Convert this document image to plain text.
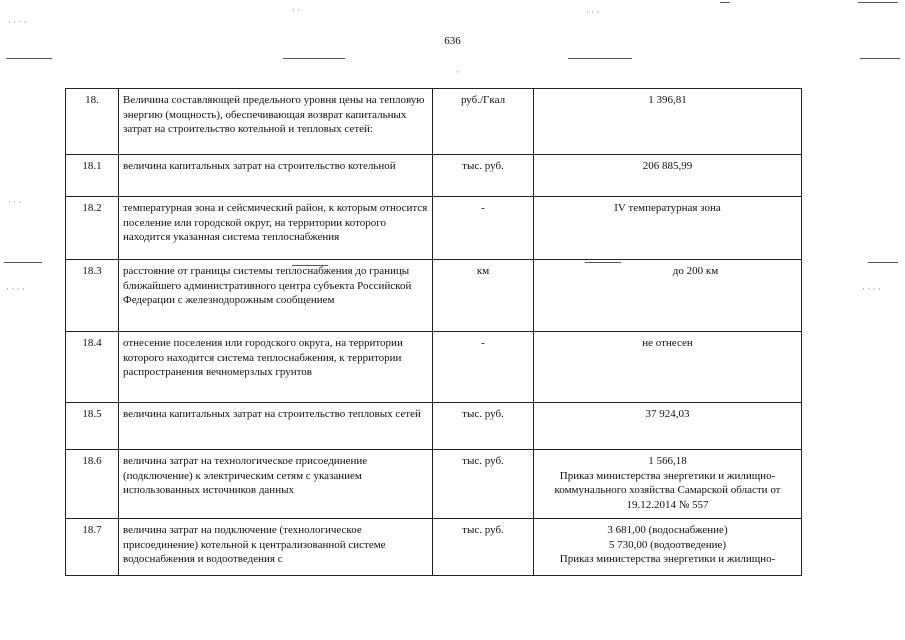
636
· · · ·
· ·	· · ·
· · ·
· · · ·	· · · ·
·
18.	Величина составляющей предельного уровня цены на тепловую энергию (мощность), обеспечивающая возврат капитальных затрат на строительство котельной и тепловых сетей:	руб./Гкал	1 396,81

18.1	величина капитальных затрат на строительство котельной	тыс. руб.	206 885,99

18.2	температурная зона и сейсмический район, к которым относится поселение или городской округ, на территории которого находится указанная система теплоснабжения	-	IV температурная зона

18.3	расстояние от границы системы теплоснабжения до границы ближайшего административного центра субъекта Российской Федерации с железнодорожным сообщением	км	до 200 км

18.4	отнесение поселения или городского округа, на территории которого находится система теплоснабжения, к территории распространения вечномерзлых грунтов	-	не отнесен

18.5	величина капитальных затрат на строительство тепловых сетей	тыс. руб.	37 924,03

18.6	величина затрат на технологическое присоединение (подключение) к электрическим сетям с указанием использованных источников данных	тыс. руб.	1 566,18
Приказ министерства энергетики и жилищно-коммунального хозяйства Самарской области от 19.12.2014 № 557

18.7	величина затрат на подключение (технологическое присоединение) котельной к централизованной системе водоснабжения и водоотведения с	тыс. руб.	3 681,00 (водоснабжение)
5 730,00 (водоотведение)
Приказ министерства энергетики и жилищно-
